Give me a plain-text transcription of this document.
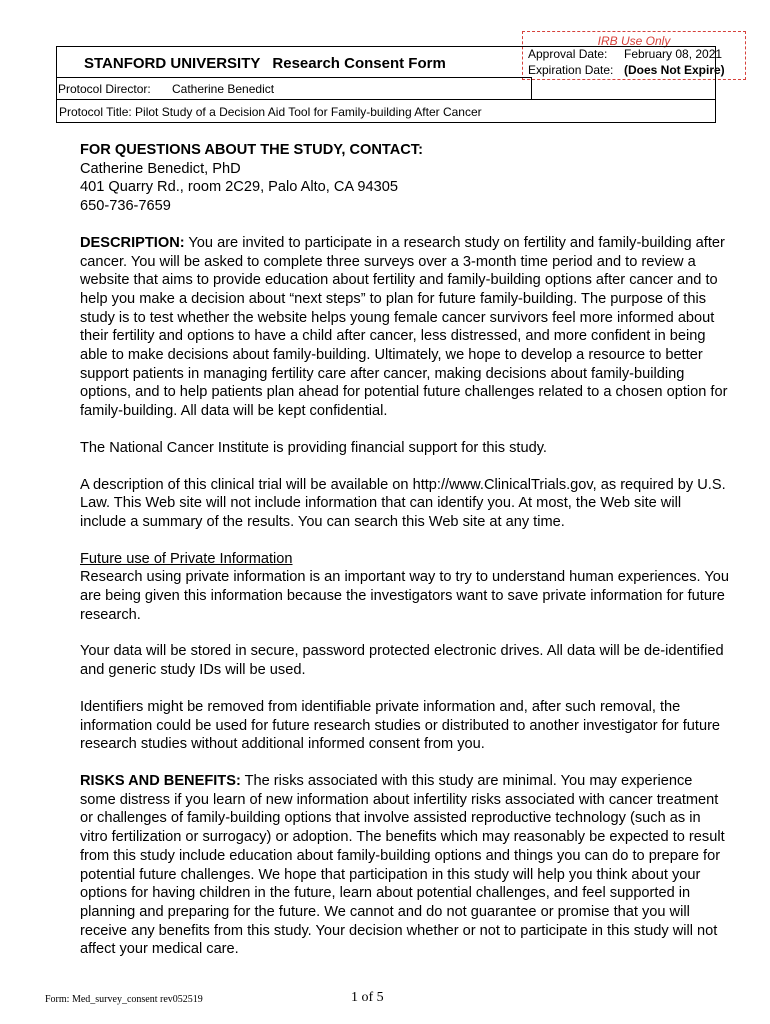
IRB Use Only
Approval Date: February 08, 2021
Expiration Date: (Does Not Expire)
STANFORD UNIVERSITY Research Consent Form
Protocol Director: Catherine Benedict
Protocol Title: Pilot Study of a Decision Aid Tool for Family-building After Cancer

FOR QUESTIONS ABOUT THE STUDY, CONTACT:

Catherine Benedict, PhD

401 Quarry Rd., room 2C29, Palo Alto, CA 94305

650-736-7659

DESCRIPTION: You are invited to participate in a research study on fertility and family-building after cancer. You will be asked to complete three surveys over a 3-month time period and to review a website that aims to provide education about fertility and family-building options after cancer and to help you make a decision about “next steps” to plan for future family-building. The purpose of this study is to test whether the website helps young female cancer survivors feel more informed about their fertility and options to have a child after cancer, less distressed, and more confident in being able to make decisions about family-building. Ultimately, we hope to develop a resource to better support patients in managing fertility care after cancer, making decisions about family-building options, and to help patients plan ahead for potential future challenges related to a chosen option for family-building. All data will be kept confidential.

The National Cancer Institute is providing financial support for this study.

A description of this clinical trial will be available on http://www.ClinicalTrials.gov, as required by U.S. Law. This Web site will not include information that can identify you. At most, the Web site will include a summary of the results. You can search this Web site at any time.

Future use of Private Information

Research using private information is an important way to try to understand human experiences. You are being given this information because the investigators want to save private information for future research.

Your data will be stored in secure, password protected electronic drives. All data will be de-identified and generic study IDs will be used.

Identifiers might be removed from identifiable private information and, after such removal, the information could be used for future research studies or distributed to another investigator for future research studies without additional informed consent from you.

RISKS AND BENEFITS: The risks associated with this study are minimal. You may experience some distress if you learn of new information about infertility risks associated with cancer treatment or challenges of family-building options that involve assisted reproductive technology (such as in vitro fertilization or surrogacy) or adoption. The benefits which may reasonably be expected to result from this study include education about family-building options and things you can do to prepare for potential future challenges. We hope that participation in this study will help you think about your options for having children in the future, learn about potential challenges, and feel supported in planning and preparing for the future. We cannot and do not guarantee or promise that you will receive any benefits from this study. Your decision whether or not to participate in this study will not affect your medical care.

Form: Med_survey_consent rev052519	1 of 5
